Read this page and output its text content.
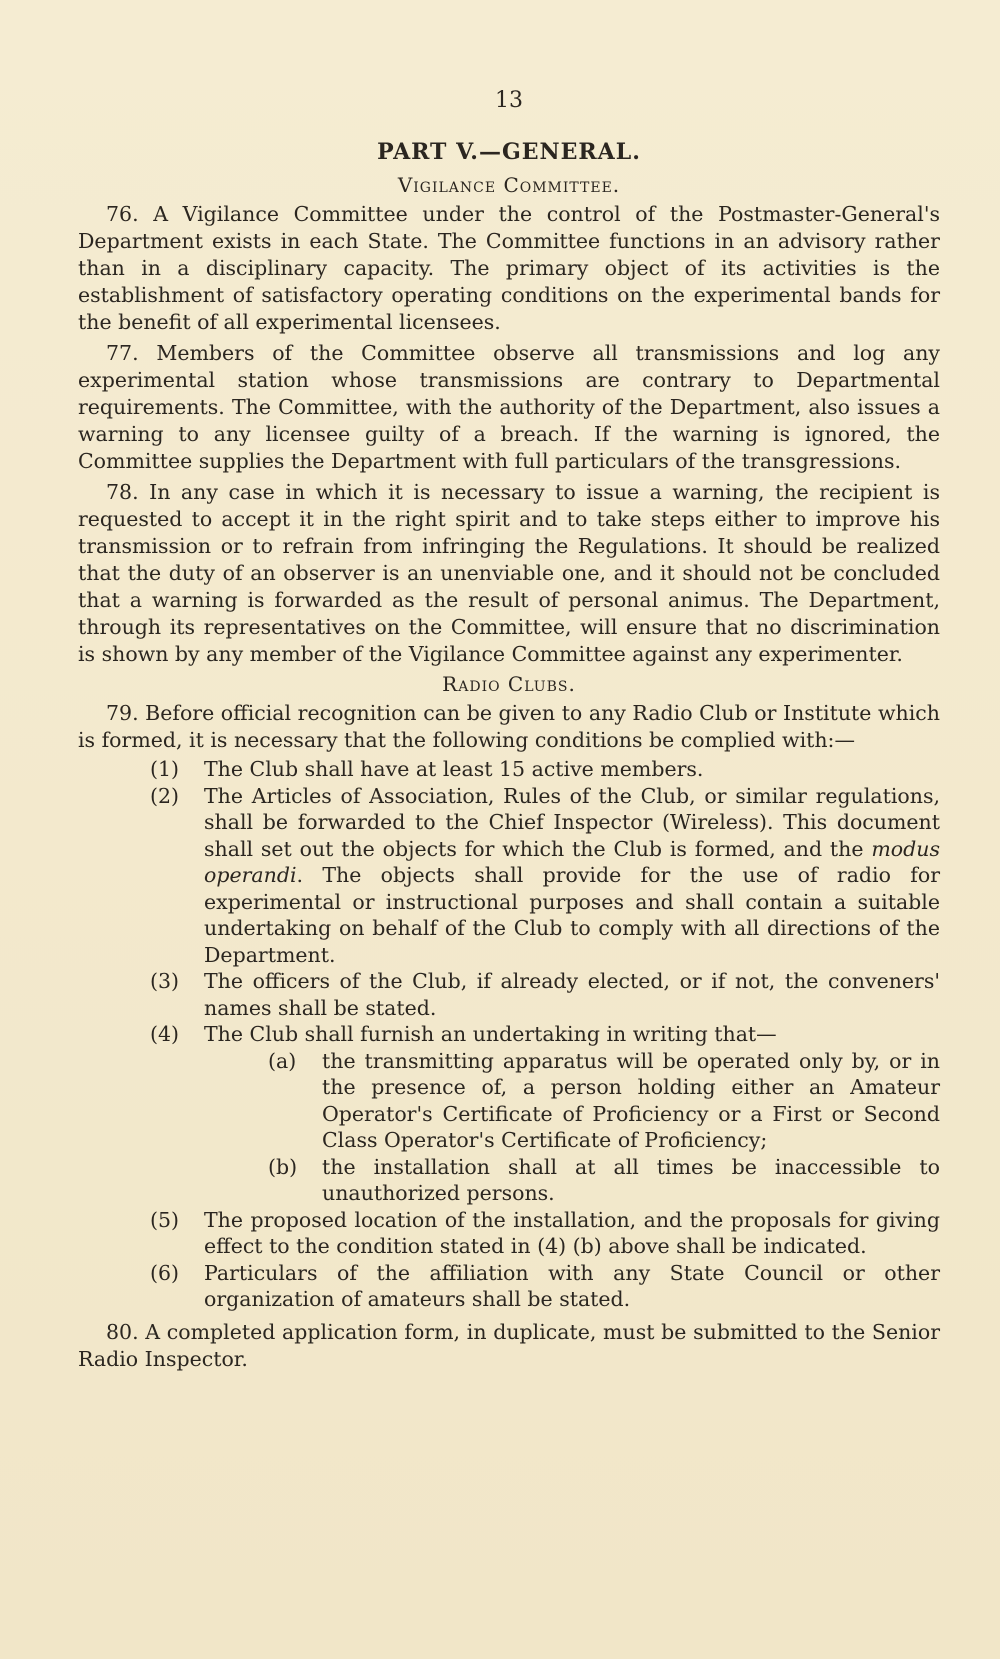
13
PART V.—GENERAL.
Vigilance Committee.

76. A Vigilance Committee under the control of the Postmaster-General's Department exists in each State. The Committee functions in an advisory rather than in a disciplinary capacity. The primary object of its activities is the establishment of satisfactory operating conditions on the experimental bands for the benefit of all experimental licensees.

77. Members of the Committee observe all transmissions and log any experimental station whose transmissions are contrary to Departmental requirements. The Committee, with the authority of the Department, also issues a warning to any licensee guilty of a breach. If the warning is ignored, the Committee supplies the Department with full particulars of the transgressions.

78. In any case in which it is necessary to issue a warning, the recipient is requested to accept it in the right spirit and to take steps either to improve his transmission or to refrain from infringing the Regulations. It should be realized that the duty of an observer is an unenviable one, and it should not be concluded that a warning is forwarded as the result of personal animus. The Department, through its representatives on the Committee, will ensure that no discrimination is shown by any member of the Vigilance Committee against any experimenter.

Radio Clubs.

79. Before official recognition can be given to any Radio Club or Institute which is formed, it is necessary that the following conditions be complied with:—

(1)	The Club shall have at least 15 active members.
(2)	The Articles of Association, Rules of the Club, or similar regulations, shall be forwarded to the Chief Inspector (Wireless). This document shall set out the objects for which the Club is formed, and the modus operandi. The objects shall provide for the use of radio for experimental or instructional purposes and shall contain a suitable undertaking on behalf of the Club to comply with all directions of the Department.
(3)	The officers of the Club, if already elected, or if not, the conveners' names shall be stated.
(4)	The Club shall furnish an undertaking in writing that—
(a)	the transmitting apparatus will be operated only by, or in the presence of, a person holding either an Amateur Operator's Certificate of Proficiency or a First or Second Class Operator's Certificate of Proficiency;
(b)	the installation shall at all times be inaccessible to unauthorized persons.
(5)	The proposed location of the installation, and the proposals for giving effect to the condition stated in (4) (b) above shall be indicated.
(6)	Particulars of the affiliation with any State Council or other organization of amateurs shall be stated.

80. A completed application form, in duplicate, must be submitted to the Senior Radio Inspector.
